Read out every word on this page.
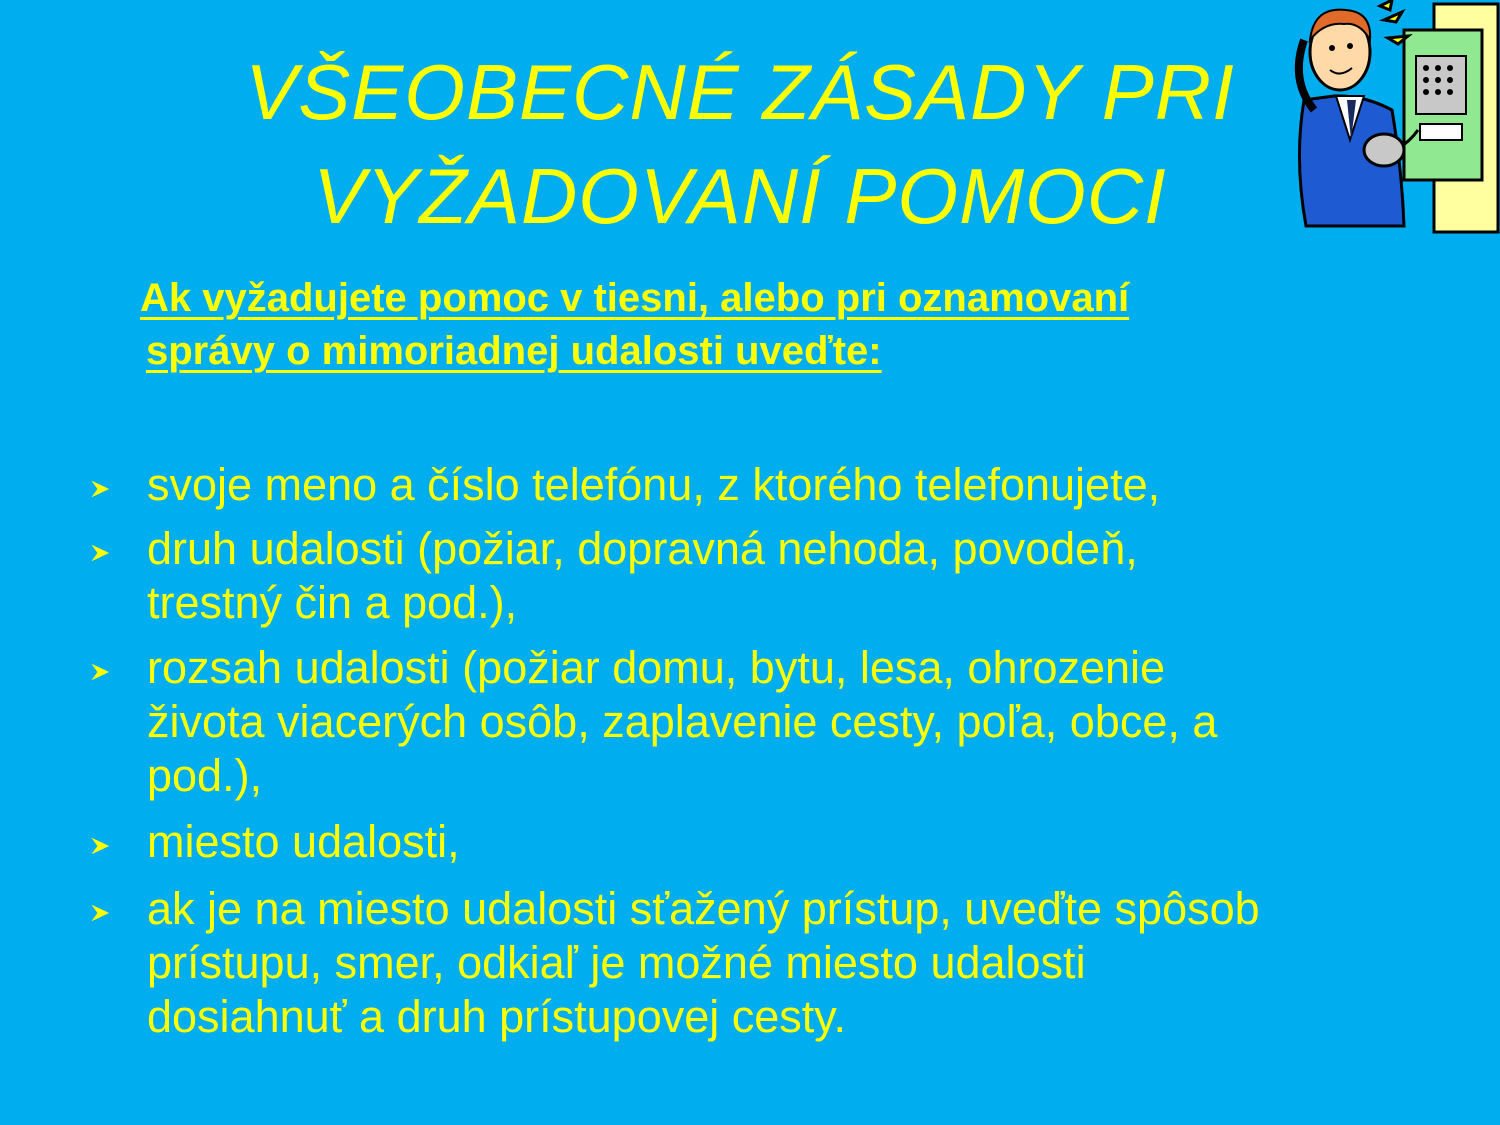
VŠEOBECNÉ ZÁSADY PRI
VYŽADOVANÍ POMOCI
Ak vyžadujete pomoc v tiesni, alebo pri oznamovaní
správy o mimoriadnej udalosti uveďte:
svoje meno a číslo telefónu, z ktorého telefonujete,
druh udalosti (požiar, dopravná nehoda, povodeň,
trestný čin a pod.),
rozsah udalosti (požiar domu, bytu, lesa, ohrozenie
života viacerých osôb, zaplavenie cesty, poľa, obce, a
pod.),
miesto udalosti,
ak je na miesto udalosti sťažený prístup, uveďte spôsob
prístupu, smer, odkiaľ je možné miesto udalosti
dosiahnuť a druh prístupovej cesty.
